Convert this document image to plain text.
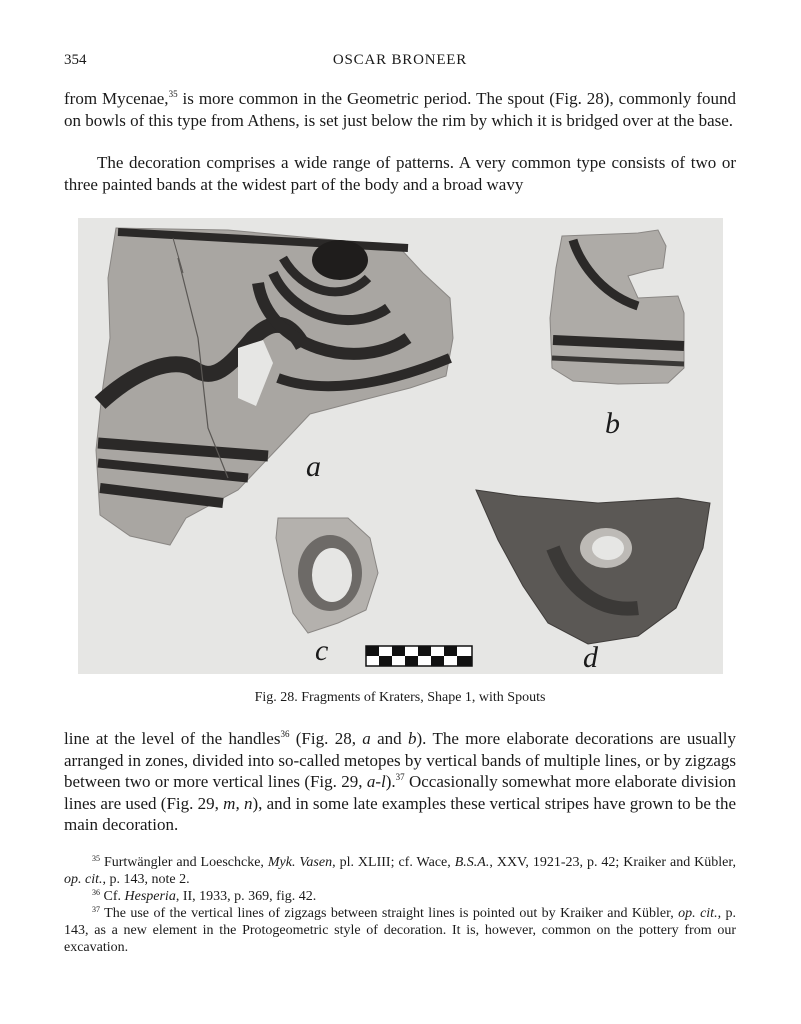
354	OSCAR BRONEER

from Mycenae,$^{35}$ is more common in the Geometric period. The spout (Fig. 28), commonly found on bowls of this type from Athens, is set just below the rim by which it is bridged over at the base.

The decoration comprises a wide range of patterns. A very common type consists of two or three painted bands at the widest part of the body and a broad wavy

a
b
c	d
Fig. 28. Fragments of Kraters, Shape 1, with Spouts

line at the level of the handles$^{36}$ (Fig. 28, a and b). The more elaborate decorations are usually arranged in zones, divided into so-called metopes by vertical bands of multiple lines, or by zigzags between two or more vertical lines (Fig. 29, a-l).$^{37}$ Occasionally somewhat more elaborate division lines are used (Fig. 29, m, n), and in some late examples these vertical stripes have grown to be the main decoration.

$^{35}$ Furtwängler and Loeschcke, Myk. Vasen, pl. XLIII; cf. Wace, B.S.A., XXV, 1921-23, p. 42; Kraiker and Kübler, op. cit., p. 143, note 2.

$^{36}$ Cf. Hesperia, II, 1933, p. 369, fig. 42.

$^{37}$ The use of the vertical lines of zigzags between straight lines is pointed out by Kraiker and Kübler, op. cit., p. 143, as a new element in the Protogeometric style of decoration. It is, however, common on the pottery from our excavation.
